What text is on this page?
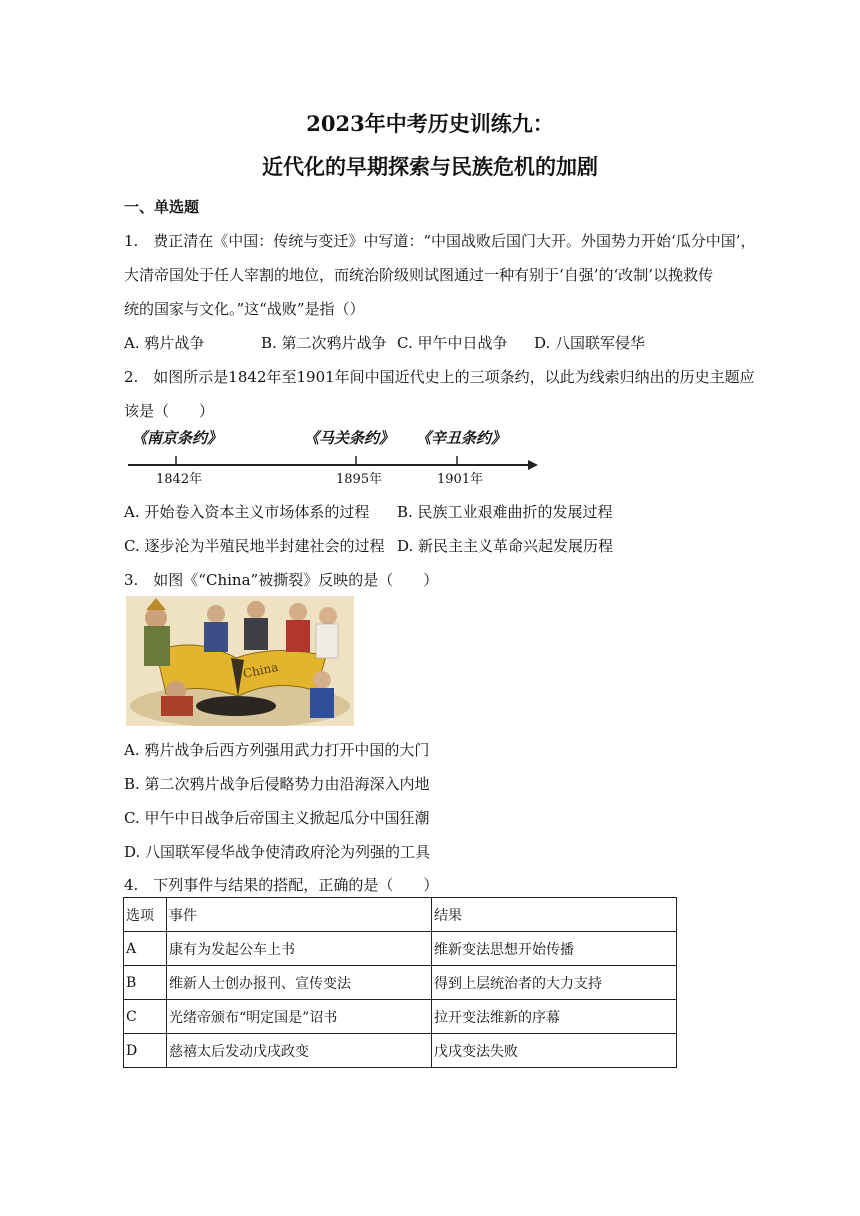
2023年中考历史训练九：
近代化的早期探索与民族危机的加剧
一、单选题
1.　费正清在《中国：传统与变迁》中写道：“中国战败后国门大开。外国势力开始‘瓜分中国’，
大清帝国处于任人宰割的地位，而统治阶级则试图通过一种有别于‘自强’的‘改制’以挽救传
统的国家与文化。”这“战败”是指（）
A. 鸦片战争	B. 第二次鸦片战争 C. 甲午中日战争 D. 八国联军侵华
2.　如图所示是1842年至1901年间中国近代史上的三项条约，以此为线索归纳出的历史主题应
该是（　　）
《南京条约》	《马关条约》 《辛丑条约》
1842年	1895年	1901年
A. 开始卷入资本主义市场体系的过程 B. 民族工业艰难曲折的发展过程
C. 逐步沦为半殖民地半封建社会的过程 D. 新民主主义革命兴起发展历程
3.　如图《“China”被撕裂》反映的是（　　）
China
A. 鸦片战争后西方列强用武力打开中国的大门
B. 第二次鸦片战争后侵略势力由沿海深入内地
C. 甲午中日战争后帝国主义掀起瓜分中国狂潮
D. 八国联军侵华战争使清政府沦为列强的工具
4.　下列事件与结果的搭配，正确的是（　　）
选项	事件	结果
A	康有为发起公车上书	维新变法思想开始传播
B	维新人士创办报刊、宣传变法	得到上层统治者的大力支持
C	光绪帝颁布“明定国是”诏书	拉开变法维新的序幕
D	慈禧太后发动戊戌政变	戊戌变法失败
